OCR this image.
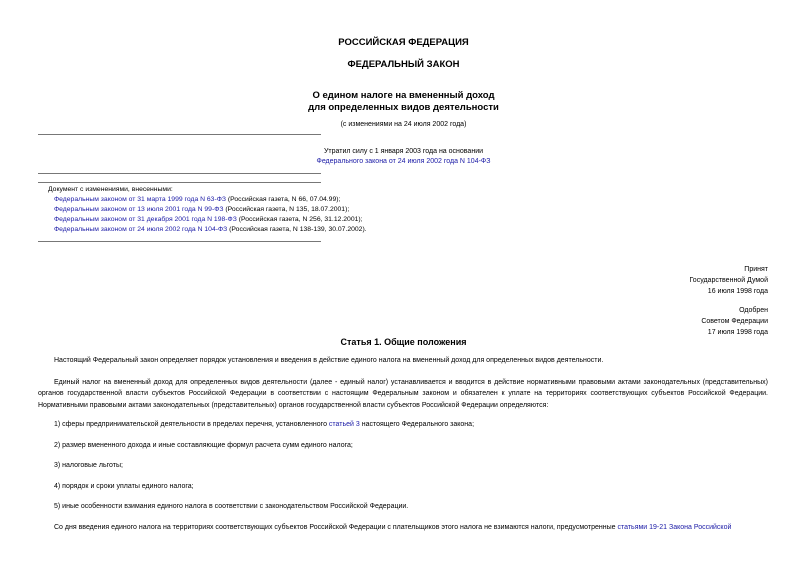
РОССИЙСКАЯ ФЕДЕРАЦИЯ
ФЕДЕРАЛЬНЫЙ ЗАКОН
О едином налоге на вмененный доход
для определенных видов деятельности
(с изменениями на 24 июля 2002 года)
Утратил силу с 1 января 2003 года на основании
Федерального закона от 24 июля 2002 года N 104-ФЗ
Документ с изменениями, внесенными:
Федеральным законом от 31 марта 1999 года N 63-ФЗ (Российская газета, N 66, 07.04.99);
Федеральным законом от 13 июля 2001 года N 99-ФЗ (Российская газета, N 135, 18.07.2001);
Федеральным законом от 31 декабря 2001 года N 198-ФЗ (Российская газета, N 256, 31.12.2001);
Федеральным законом от 24 июля 2002 года N 104-ФЗ (Российская газета, N 138-139, 30.07.2002).
Принят
Государственной Думой
16 июля 1998 года
Одобрен
Советом Федерации
17 июля 1998 года
Статья 1. Общие положения
Настоящий Федеральный закон определяет порядок установления и введения в действие единого налога на вмененный доход для определенных видов деятельности.
Единый налог на вмененный доход для определенных видов деятельности (далее - единый налог) устанавливается и вводится в действие нормативными правовыми актами законодательных (представительных) органов государственной власти субъектов Российской Федерации в соответствии с настоящим Федеральным законом и обязателен к уплате на территориях соответствующих субъектов Российской Федерации. Нормативными правовыми актами законодательных (представительных) органов государственной власти субъектов Российской Федерации определяются:
1) сферы предпринимательской деятельности в пределах перечня, установленного статьей 3 настоящего Федерального закона;
2) размер вмененного дохода и иные составляющие формул расчета сумм единого налога;
3) налоговые льготы;
4) порядок и сроки уплаты единого налога;
5) иные особенности взимания единого налога в соответствии с законодательством Российской Федерации.
Со дня введения единого налога на территориях соответствующих субъектов Российской Федерации с плательщиков этого налога не взимаются налоги, предусмотренные статьями 19-21 Закона Российской
